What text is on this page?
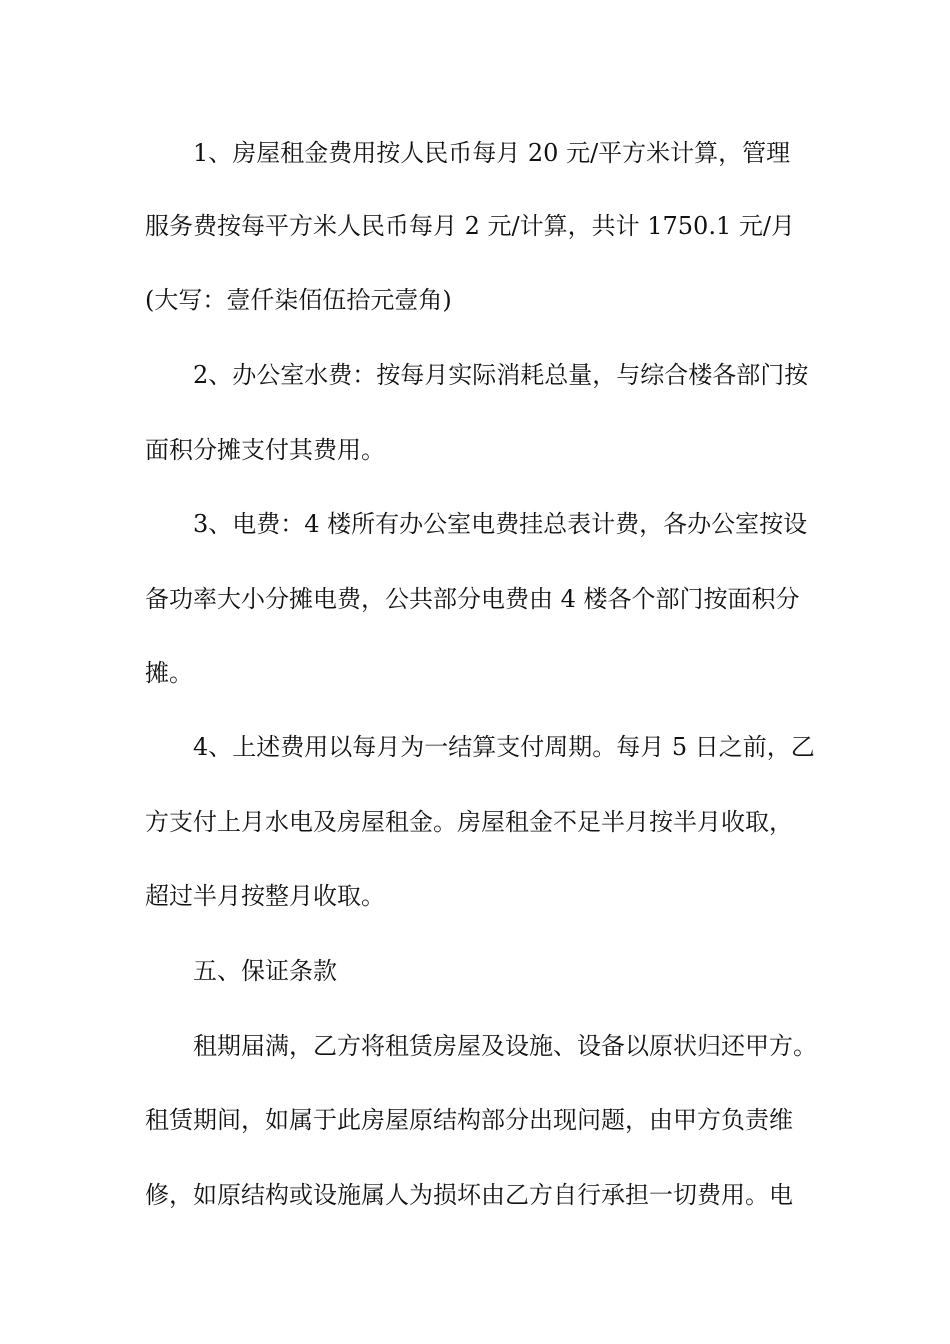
1、房屋租金费用按人民币每月 20 元/平方米计算，管理
服务费按每平方米人民币每月 2 元/计算，共计 1750.1 元/月
(大写：壹仟柒佰伍拾元壹角)
2、办公室水费：按每月实际消耗总量，与综合楼各部门按
面积分摊支付其费用。
3、电费：4 楼所有办公室电费挂总表计费，各办公室按设
备功率大小分摊电费，公共部分电费由 4 楼各个部门按面积分
摊。
4、上述费用以每月为一结算支付周期。每月 5 日之前，乙
方支付上月水电及房屋租金。房屋租金不足半月按半月收取，
超过半月按整月收取。
五、保证条款
租期届满，乙方将租赁房屋及设施、设备以原状归还甲方。
租赁期间，如属于此房屋原结构部分出现问题，由甲方负责维
修，如原结构或设施属人为损坏由乙方自行承担一切费用。电
